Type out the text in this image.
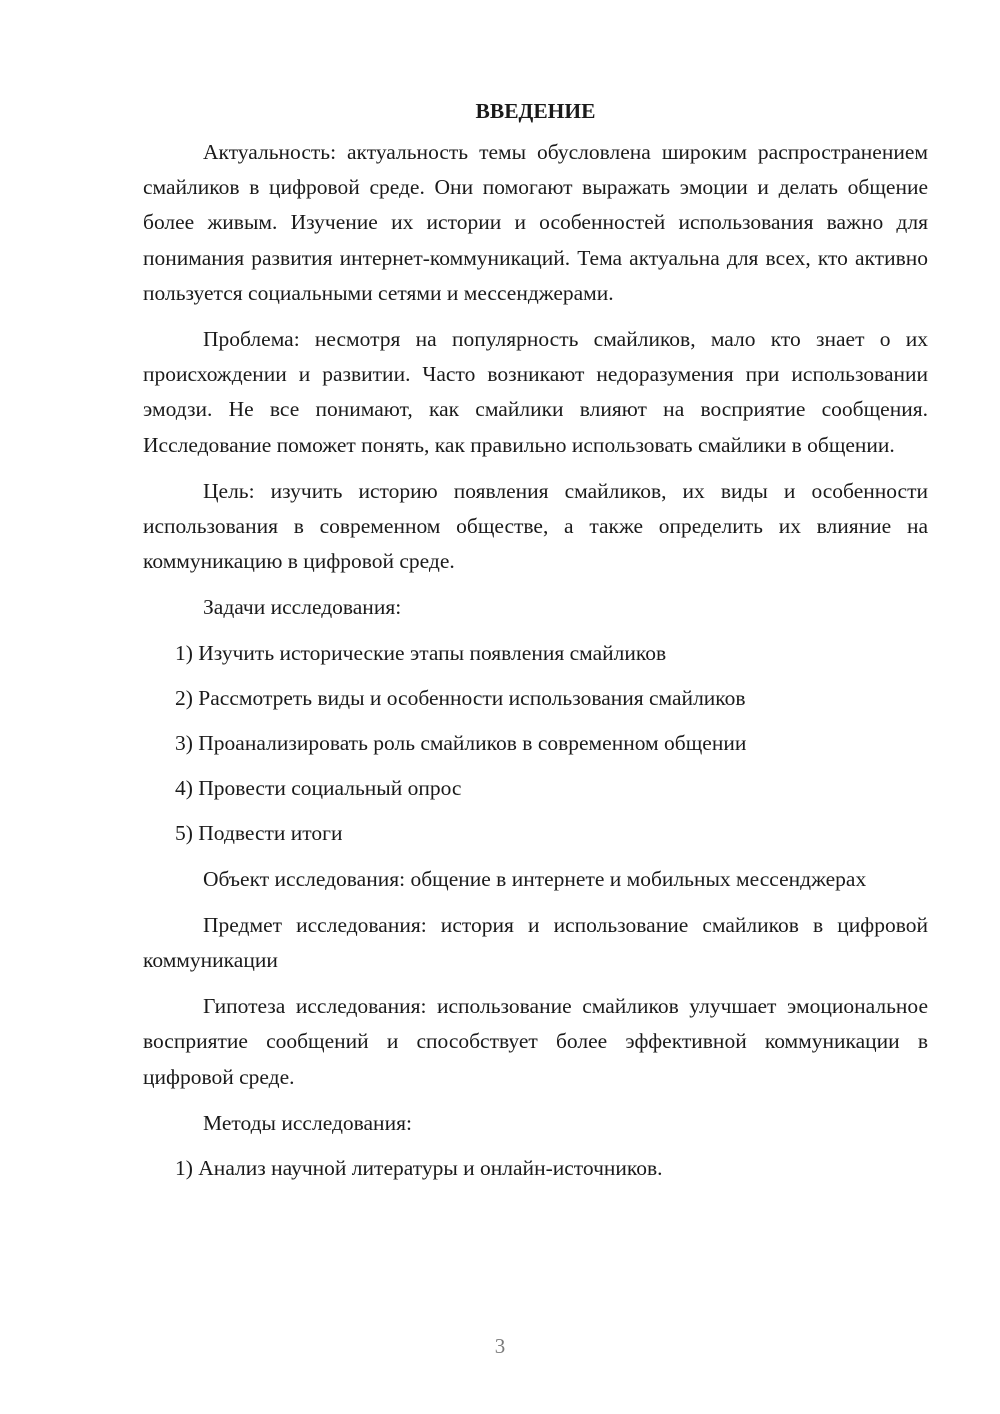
ВВЕДЕНИЕ

Актуальность: актуальность темы обусловлена широким распространением смайликов в цифровой среде. Они помогают выражать эмоции и делать общение более живым. Изучение их истории и особенностей использования важно для понимания развития интернет-коммуникаций. Тема актуальна для всех, кто активно пользуется социальными сетями и мессенджерами.

Проблема: несмотря на популярность смайликов, мало кто знает о их происхождении и развитии. Часто возникают недоразумения при использовании эмодзи. Не все понимают, как смайлики влияют на восприятие сообщения. Исследование поможет понять, как правильно использовать смайлики в общении.

Цель: изучить историю появления смайликов, их виды и особенности использования в современном обществе, а также определить их влияние на коммуникацию в цифровой среде.

Задачи исследования:

1) Изучить исторические этапы появления смайликов
2) Рассмотреть виды и особенности использования смайликов
3) Проанализировать роль смайликов в современном общении
4) Провести социальный опрос
5) Подвести итоги

Объект исследования: общение в интернете и мобильных мессенджерах

Предмет исследования: история и использование смайликов в цифровой коммуникации

Гипотеза исследования: использование смайликов улучшает эмоциональное восприятие сообщений и способствует более эффективной коммуникации в цифровой среде.

Методы исследования:

1) Анализ научной литературы и онлайн-источников.
3
